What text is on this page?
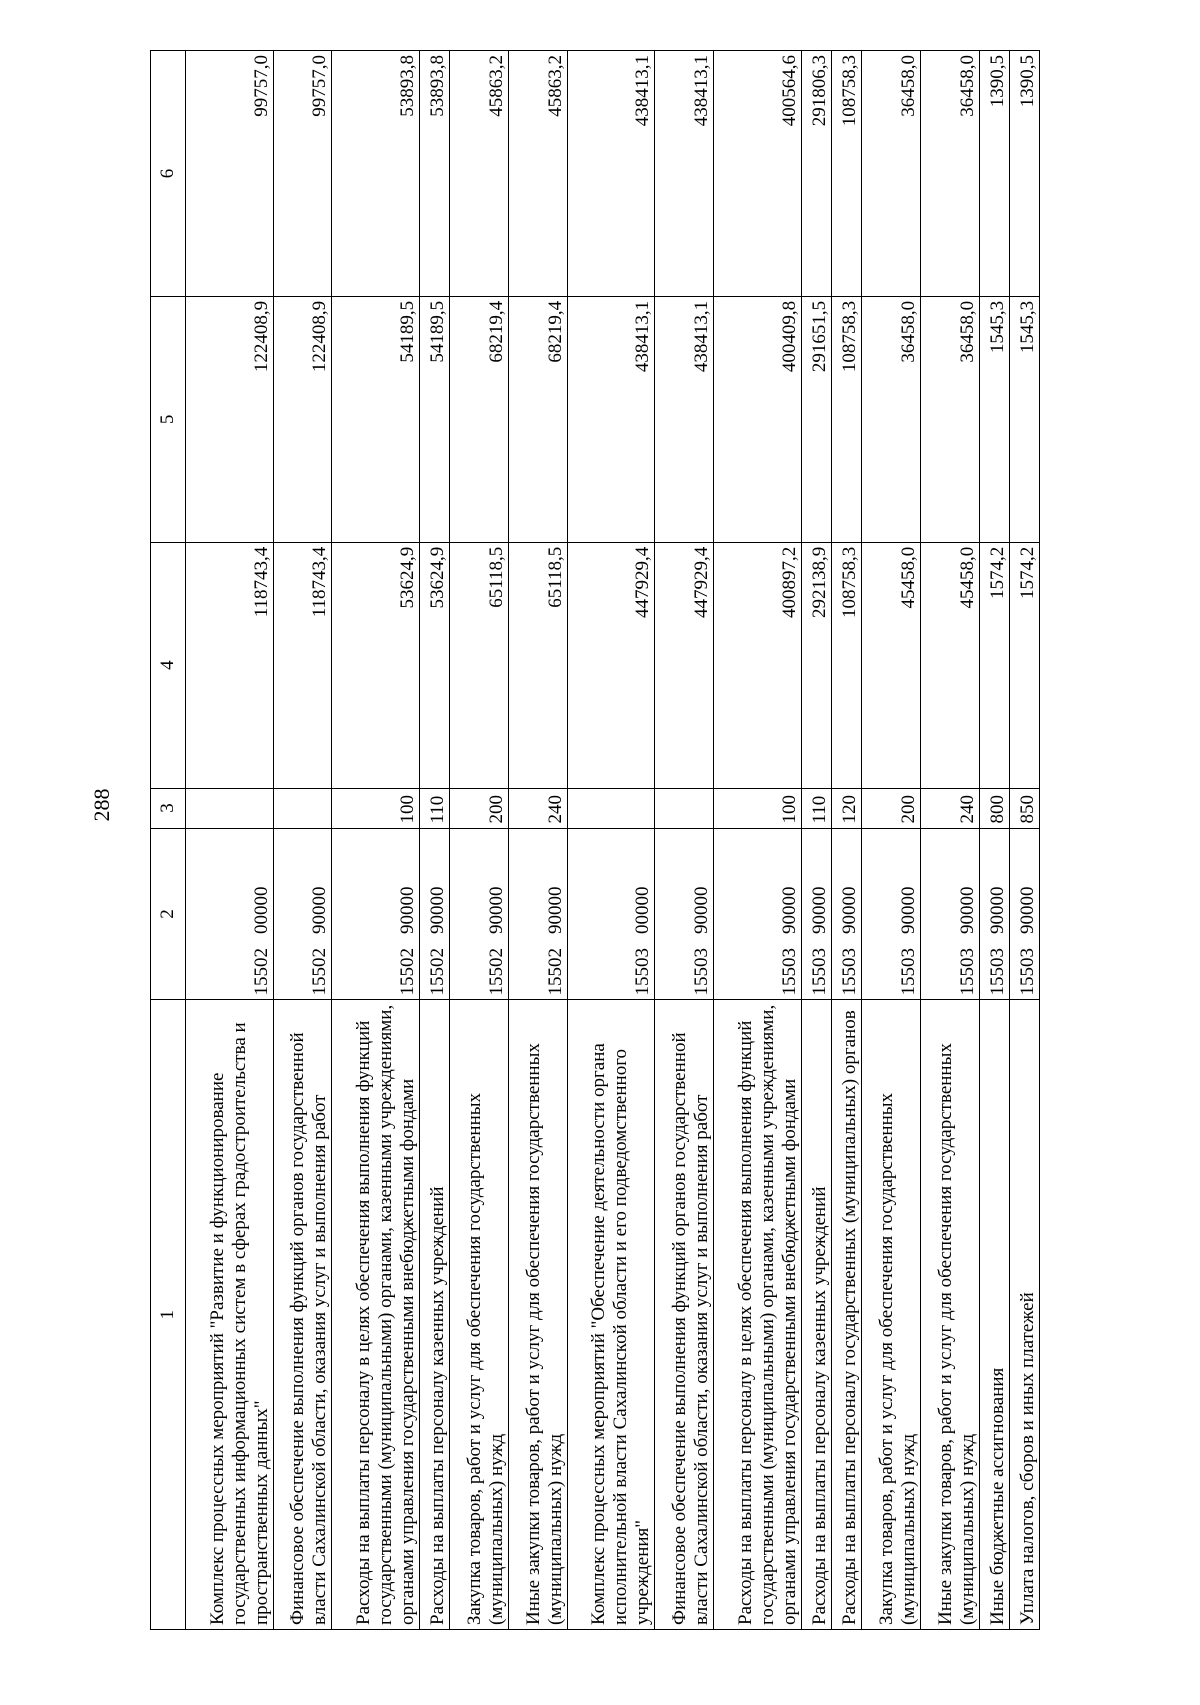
288
1	2	3	4	5	6
Комплекс процессных мероприятий "Развитие и функционирование государственных информационных систем в сферах градостроительства и пространственных данных"	1550200000		118743,4	122408,9	99757,0
Финансовое обеспечение выполнения функций органов государственной власти Сахалинской области, оказания услуг и выполнения работ	1550290000		118743,4	122408,9	99757,0
Расходы на выплаты персоналу в целях обеспечения выполнения функций государственными (муниципальными) органами, казенными учреждениями, органами управления государственными внебюджетными фондами	1550290000	100	53624,9	54189,5	53893,8
Расходы на выплаты персоналу казенных учреждений	1550290000	110	53624,9	54189,5	53893,8
Закупка товаров, работ и услуг для обеспечения государственных (муниципальных) нужд	1550290000	200	65118,5	68219,4	45863,2
Иные закупки товаров, работ и услуг для обеспечения государственных (муниципальных) нужд	1550290000	240	65118,5	68219,4	45863,2
Комплекс процессных мероприятий "Обеспечение деятельности органа исполнительной власти Сахалинской области и его подведомственного учреждения"	1550300000		447929,4	438413,1	438413,1
Финансовое обеспечение выполнения функций органов государственной власти Сахалинской области, оказания услуг и выполнения работ	1550390000		447929,4	438413,1	438413,1
Расходы на выплаты персоналу в целях обеспечения выполнения функций государственными (муниципальными) органами, казенными учреждениями, органами управления государственными внебюджетными фондами	1550390000	100	400897,2	400409,8	400564,6
Расходы на выплаты персоналу казенных учреждений	1550390000	110	292138,9	291651,5	291806,3
Расходы на выплаты персоналу государственных (муниципальных) органов	1550390000	120	108758,3	108758,3	108758,3
Закупка товаров, работ и услуг для обеспечения государственных (муниципальных) нужд	1550390000	200	45458,0	36458,0	36458,0
Иные закупки товаров, работ и услуг для обеспечения государственных (муниципальных) нужд	1550390000	240	45458,0	36458,0	36458,0
Иные бюджетные ассигнования	1550390000	800	1574,2	1545,3	1390,5
Уплата налогов, сборов и иных платежей	1550390000	850	1574,2	1545,3	1390,5
